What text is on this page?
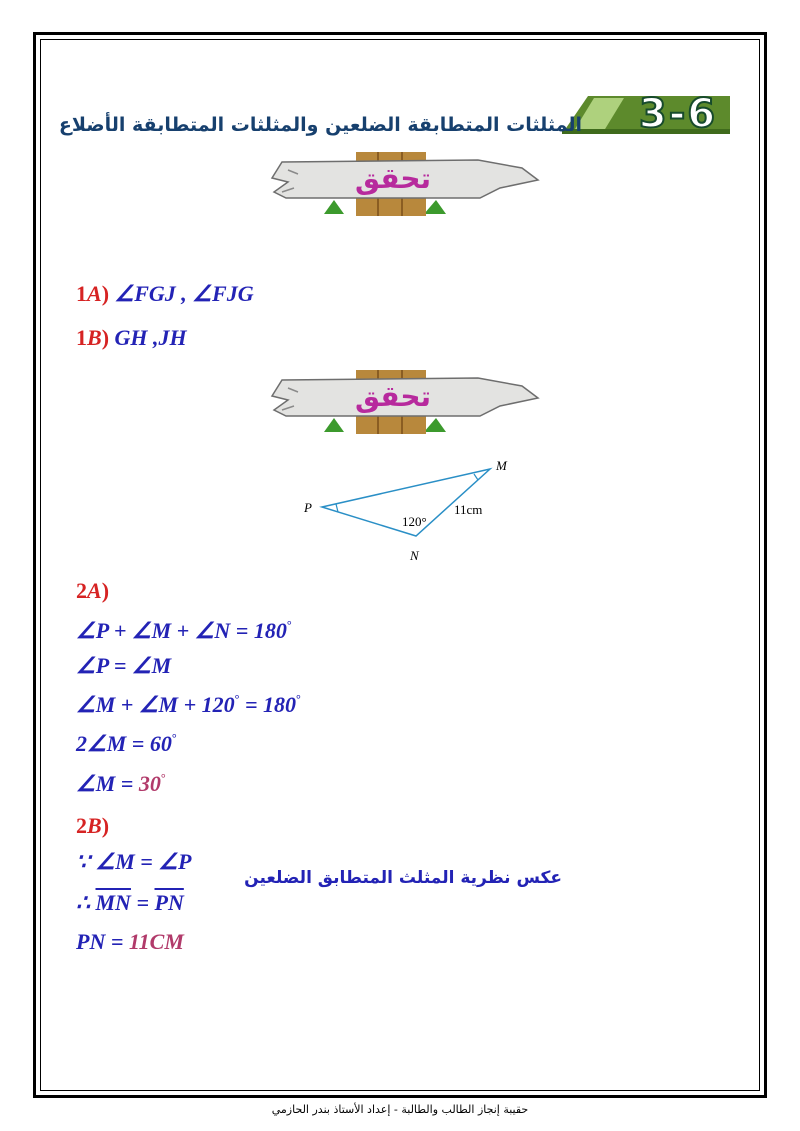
3-6
المثلثات المتطابقة الضلعين والمثلثات المتطابقة الأضلاع
تحقق
1A) ∠FGJ , ∠FJG
1B) GH ,JH
تحقق
P
M
N
120°
11cm
2A)
∠P + ∠M + ∠N = 180°
∠P = ∠M
∠M + ∠M + 120° = 180°
2∠M = 60°
∠M = 30°
2B)
∵ ∠M = ∠P
∴ $\overline{MN} = \overline{PN}$
PN = 11CM
عكس نظرية المثلث المتطابق الضلعين
حقيبة إنجاز الطالب والطالبة - إعداد الأستاذ بندر الحازمي
